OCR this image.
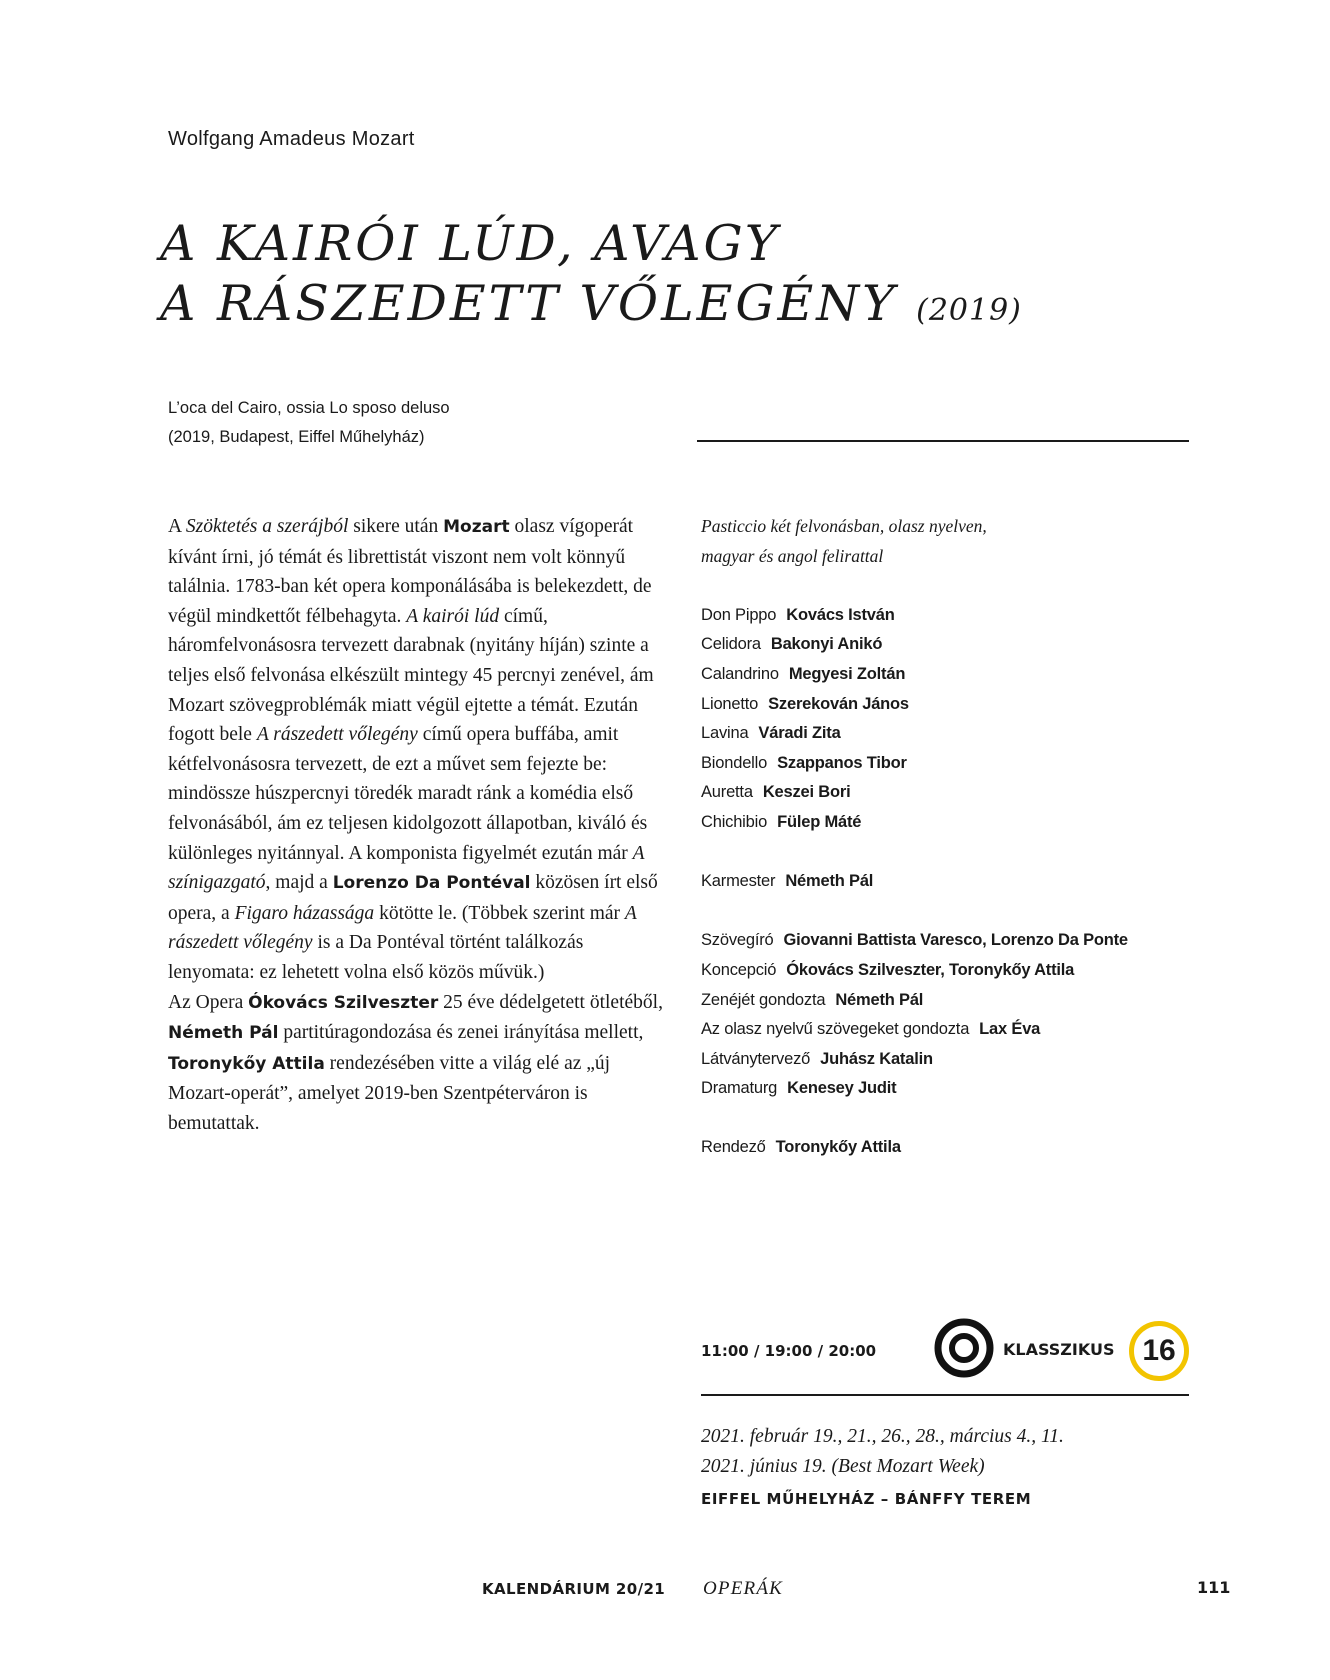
Wolfgang Amadeus Mozart
A KAIRÓI LÚD, AVAGY
A RÁSZEDETT VŐLEGÉNY (2019)
L’oca del Cairo, ossia Lo sposo deluso
(2019, Budapest, Eiffel Műhelyház)

A Szöktetés a szerájból sikere után Mozart olasz vígoperát kívánt írni, jó témát és librettistát viszont nem volt könnyű találnia. 1783-ban két opera komponálásába is belekezdett, de végül mindkettőt félbehagyta. A kairói lúd című, háromfelvonásosra tervezett darabnak (nyitány híján) szinte a teljes első felvonása elkészült mintegy 45 percnyi zenével, ám Mozart szövegproblémák miatt végül ejtette a témát. Ezután fogott bele A rászedett vőlegény című opera buffába, amit kétfelvonásosra tervezett, de ezt a művet sem fejezte be: mindössze húszpercnyi töredék maradt ránk a komédia első felvonásából, ám ez teljesen kidolgozott állapotban, kiváló és különleges nyitánnyal. A komponista figyelmét ezután már A színigazgató, majd a Lorenzo Da Pontéval közösen írt első opera, a Figaro házassága kötötte le. (Többek szerint már A rászedett vőlegény is a Da Pontéval történt találkozás lenyomata: ez lehetett volna első közös művük.)

Az Opera Ókovács Szilveszter 25 éve dédelgetett ötletéből, Németh Pál partitúragondozása és zenei irányítása mellett, Toronykőy Attila rendezésében vitte a világ elé az „új Mozart-operát”, amelyet 2019-ben Szentpéterváron is bemutattak.

Pasticcio két felvonásban, olasz nyelven,
magyar és angol felirattal
Don Pippo Kovács István
Celidora Bakonyi Anikó
Calandrino Megyesi Zoltán
Lionetto Szerekován János
Lavina Váradi Zita
Biondello Szappanos Tibor
Auretta Keszei Bori
Chichibio Fülep Máté
Karmester Németh Pál
Szövegíró Giovanni Battista Varesco, Lorenzo Da Ponte
Koncepció Ókovács Szilveszter, Toronykőy Attila
Zenéjét gondozta Németh Pál
Az olasz nyelvű szövegeket gondozta Lax Éva
Látványtervező Juhász Katalin
Dramaturg Kenesey Judit
Rendező Toronykőy Attila
11:00 / 19:00 / 20:00	KLASSZIKUS 16
2021. február 19., 21., 26., 28., március 4., 11.
2021. június 19. (Best Mozart Week)
EIFFEL MŰHELYHÁZ – BÁNFFY TEREM
KALENDÁRIUM 20/21 OPERÁK	111
